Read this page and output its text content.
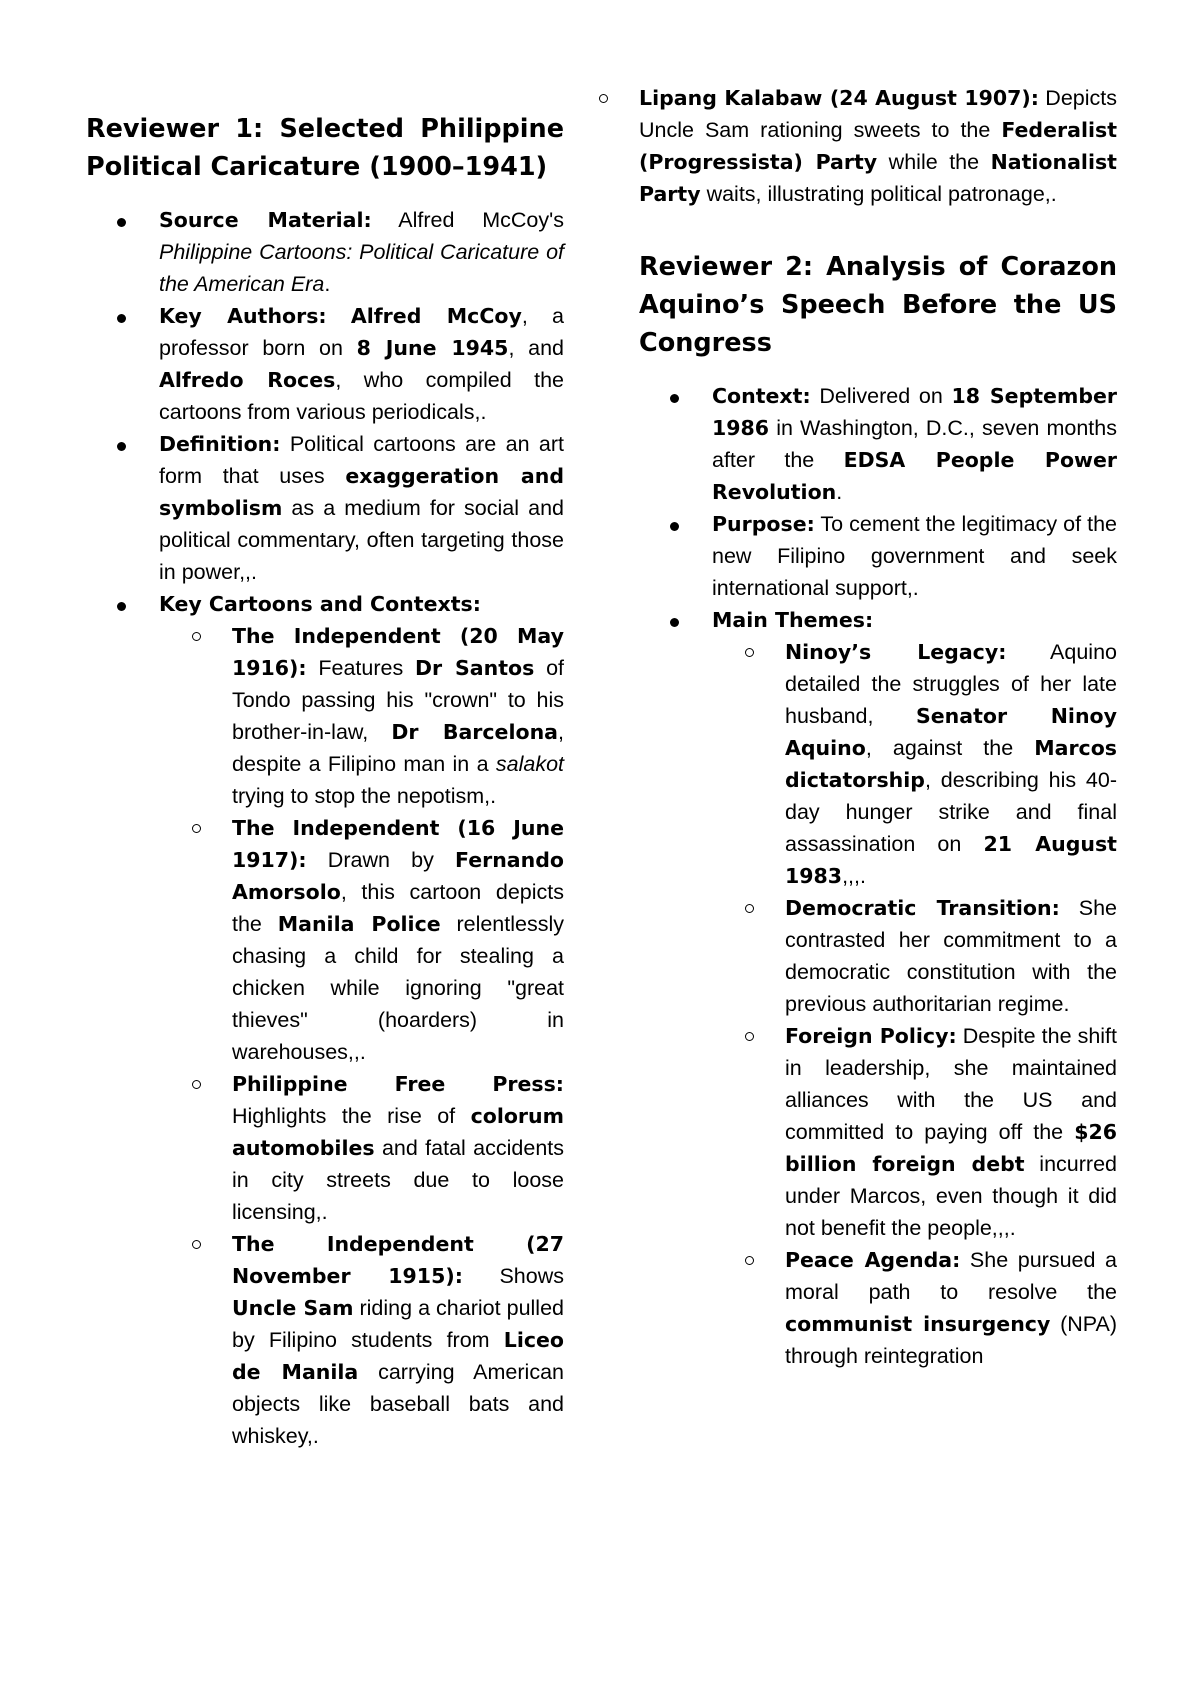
Reviewer 1: Selected Philippine Political Caricature (1900–1941)
Source Material: Alfred McCoy's Philippine Cartoons: Political Caricature of the American Era.
Key Authors: Alfred McCoy, a professor born on 8 June 1945, and Alfredo Roces, who compiled the cartoons from various periodicals,.
Definition: Political cartoons are an art form that uses exaggeration and symbolism as a medium for social and political commentary, often targeting those in power,,.
Key Cartoons and Contexts:
The Independent (20 May 1916): Features Dr Santos of Tondo passing his "crown" to his brother-in-law, Dr Barcelona, despite a Filipino man in a salakot trying to stop the nepotism,.
The Independent (16 June 1917): Drawn by Fernando Amorsolo, this cartoon depicts the Manila Police relentlessly chasing a child for stealing a chicken while ignoring "great thieves" (hoarders) in warehouses,,.
Philippine Free Press: Highlights the rise of colorum automobiles and fatal accidents in city streets due to loose licensing,.
The Independent (27 November 1915): Shows Uncle Sam riding a chariot pulled by Filipino students from Liceo de Manila carrying American objects like baseball bats and whiskey,.
Lipang Kalabaw (24 August 1907): Depicts Uncle Sam rationing sweets to the Federalist (Progressista) Party while the Nationalist Party waits, illustrating political patronage,.
Reviewer 2: Analysis of Corazon Aquino’s Speech Before the US Congress
Context: Delivered on 18 September 1986 in Washington, D.C., seven months after the EDSA People Power Revolution.
Purpose: To cement the legitimacy of the new Filipino government and seek international support,.
Main Themes:
Ninoy’s Legacy: Aquino detailed the struggles of her late husband, Senator Ninoy Aquino, against the Marcos dictatorship, describing his 40-day hunger strike and final assassination on 21 August 1983,,,.
Democratic Transition: She contrasted her commitment to a democratic constitution with the previous authoritarian regime.
Foreign Policy: Despite the shift in leadership, she maintained alliances with the US and committed to paying off the $26 billion foreign debt incurred under Marcos, even though it did not benefit the people,,,.
Peace Agenda: She pursued a moral path to resolve the communist insurgency (NPA) through reintegration
